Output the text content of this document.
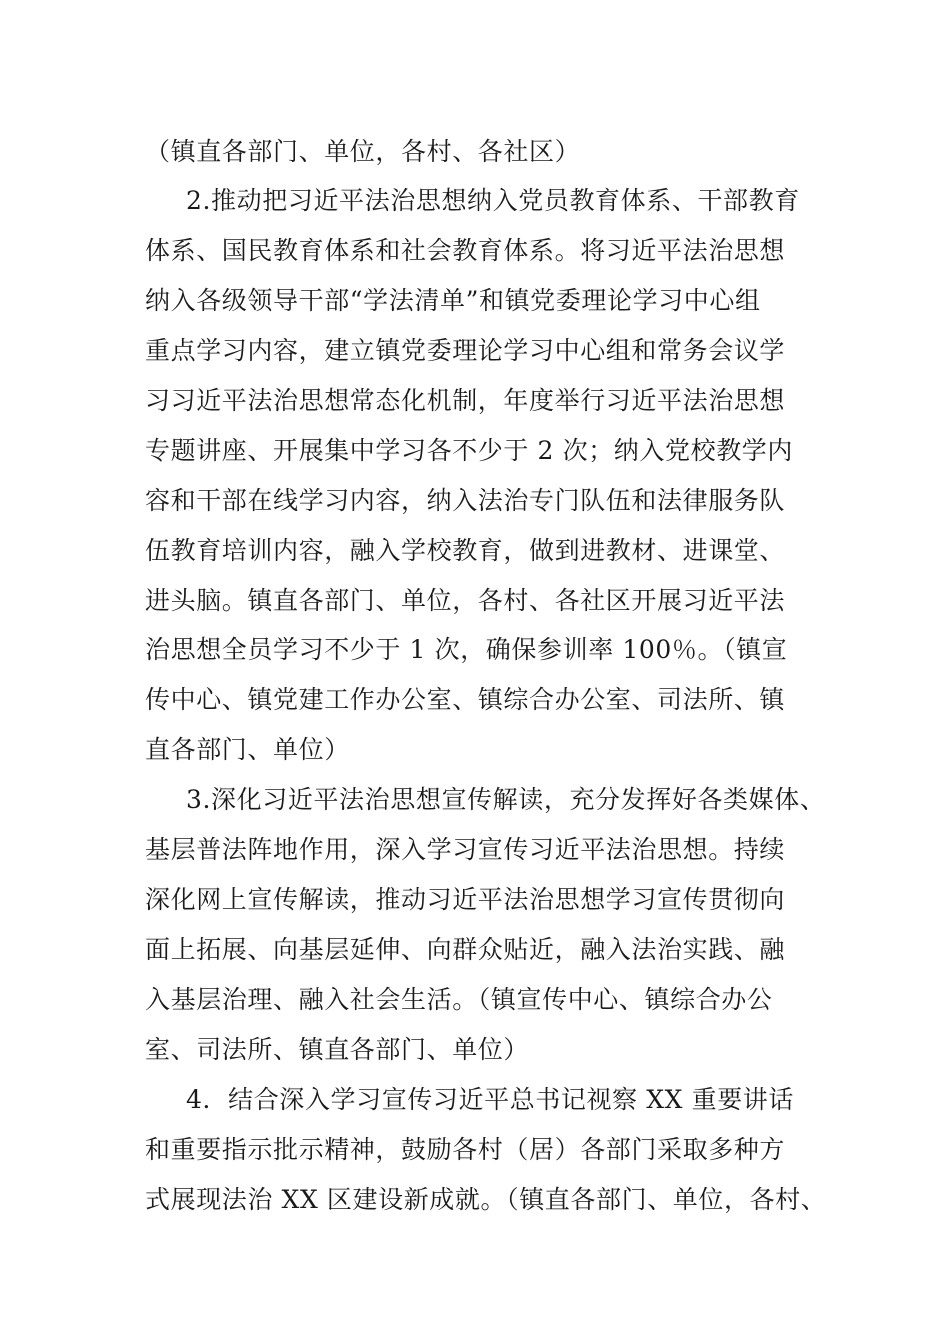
（镇直各部门、单位，各村、各社区）
2.推动把习近平法治思想纳入党员教育体系、干部教育
体系、国民教育体系和社会教育体系。将习近平法治思想
纳入各级领导干部“学法清单”和镇党委理论学习中心组
重点学习内容，建立镇党委理论学习中心组和常务会议学
习习近平法治思想常态化机制，年度举行习近平法治思想
专题讲座、开展集中学习各不少于 2 次；纳入党校教学内
容和干部在线学习内容，纳入法治专门队伍和法律服务队
伍教育培训内容，融入学校教育，做到进教材、进课堂、
进头脑。镇直各部门、单位，各村、各社区开展习近平法
治思想全员学习不少于 1 次，确保参训率 100％。（镇宣
传中心、镇党建工作办公室、镇综合办公室、司法所、镇
直各部门、单位）
3.深化习近平法治思想宣传解读，充分发挥好各类媒体、
基层普法阵地作用，深入学习宣传习近平法治思想。持续
深化网上宣传解读，推动习近平法治思想学习宣传贯彻向
面上拓展、向基层延伸、向群众贴近，融入法治实践、融
入基层治理、融入社会生活。（镇宣传中心、镇综合办公
室、司法所、镇直各部门、单位）
4．结合深入学习宣传习近平总书记视察 XX 重要讲话
和重要指示批示精神，鼓励各村（居）各部门采取多种方
式展现法治 XX 区建设新成就。（镇直各部门、单位，各村、
